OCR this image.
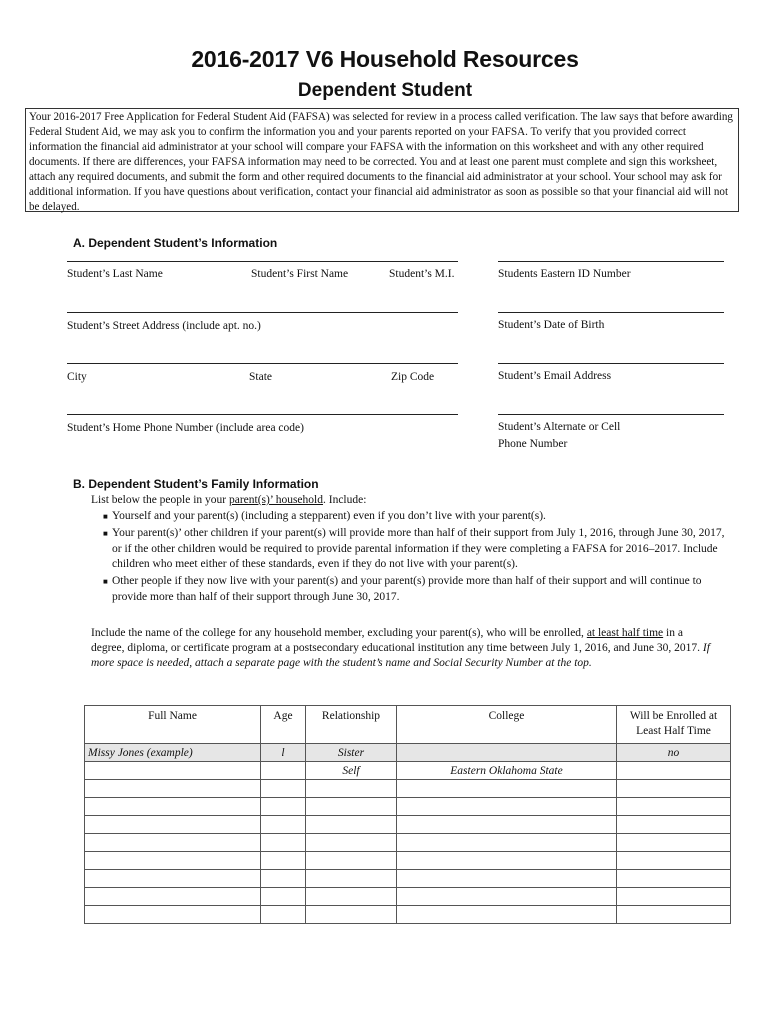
2016-2017 V6 Household Resources
Dependent Student
Your 2016-2017 Free Application for Federal Student Aid (FAFSA) was selected for review in a process called verification. The law says that before awarding Federal Student Aid, we may ask you to confirm the information you and your parents reported on your FAFSA. To verify that you provided correct information the financial aid administrator at your school will compare your FAFSA with the information on this worksheet and with any other required documents. If there are differences, your FAFSA information may need to be corrected. You and at least one parent must complete and sign this worksheet, attach any required documents, and submit the form and other required documents to the financial aid administrator at your school. Your school may ask for additional information. If you have questions about verification, contact your financial aid administrator as soon as possible so that your financial aid will not be delayed.
A. Dependent Student’s Information
Student’s Last Name	Student’s First Name	Student’s M.I.	Students Eastern ID Number
Student’s Street Address (include apt. no.)	Student’s Date of Birth
City	State	Zip Code	Student’s Email Address
Student’s Home Phone Number (include area code)	Student’s Alternate or Cell
Phone Number
B. Dependent Student’s Family Information
List below the people in your parent(s)’ household. Include:
■ Yourself and your parent(s) (including a stepparent) even if you don’t live with your parent(s).
■ Your parent(s)’ other children if your parent(s) will provide more than half of their support from July 1, 2016, through June 30, 2017, or if the other children would be required to provide parental information if they were completing a FAFSA for 2016–2017. Include children who meet either of these standards, even if they do not live with your parent(s).
■ Other people if they now live with your parent(s) and your parent(s) provide more than half of their support and will continue to provide more than half of their support through June 30, 2017.
Include the name of the college for any household member, excluding your parent(s), who will be enrolled, at least half time in a degree, diploma, or certificate program at a postsecondary educational institution any time between July 1, 2016, and June 30, 2017. If more space is needed, attach a separate page with the student’s name and Social Security Number at the top.
Full Name	Age	Relationship	College	Will be Enrolled at Least Half Time
Missy Jones (example)	l	Sister		no
		Self	Eastern Oklahoma State	
